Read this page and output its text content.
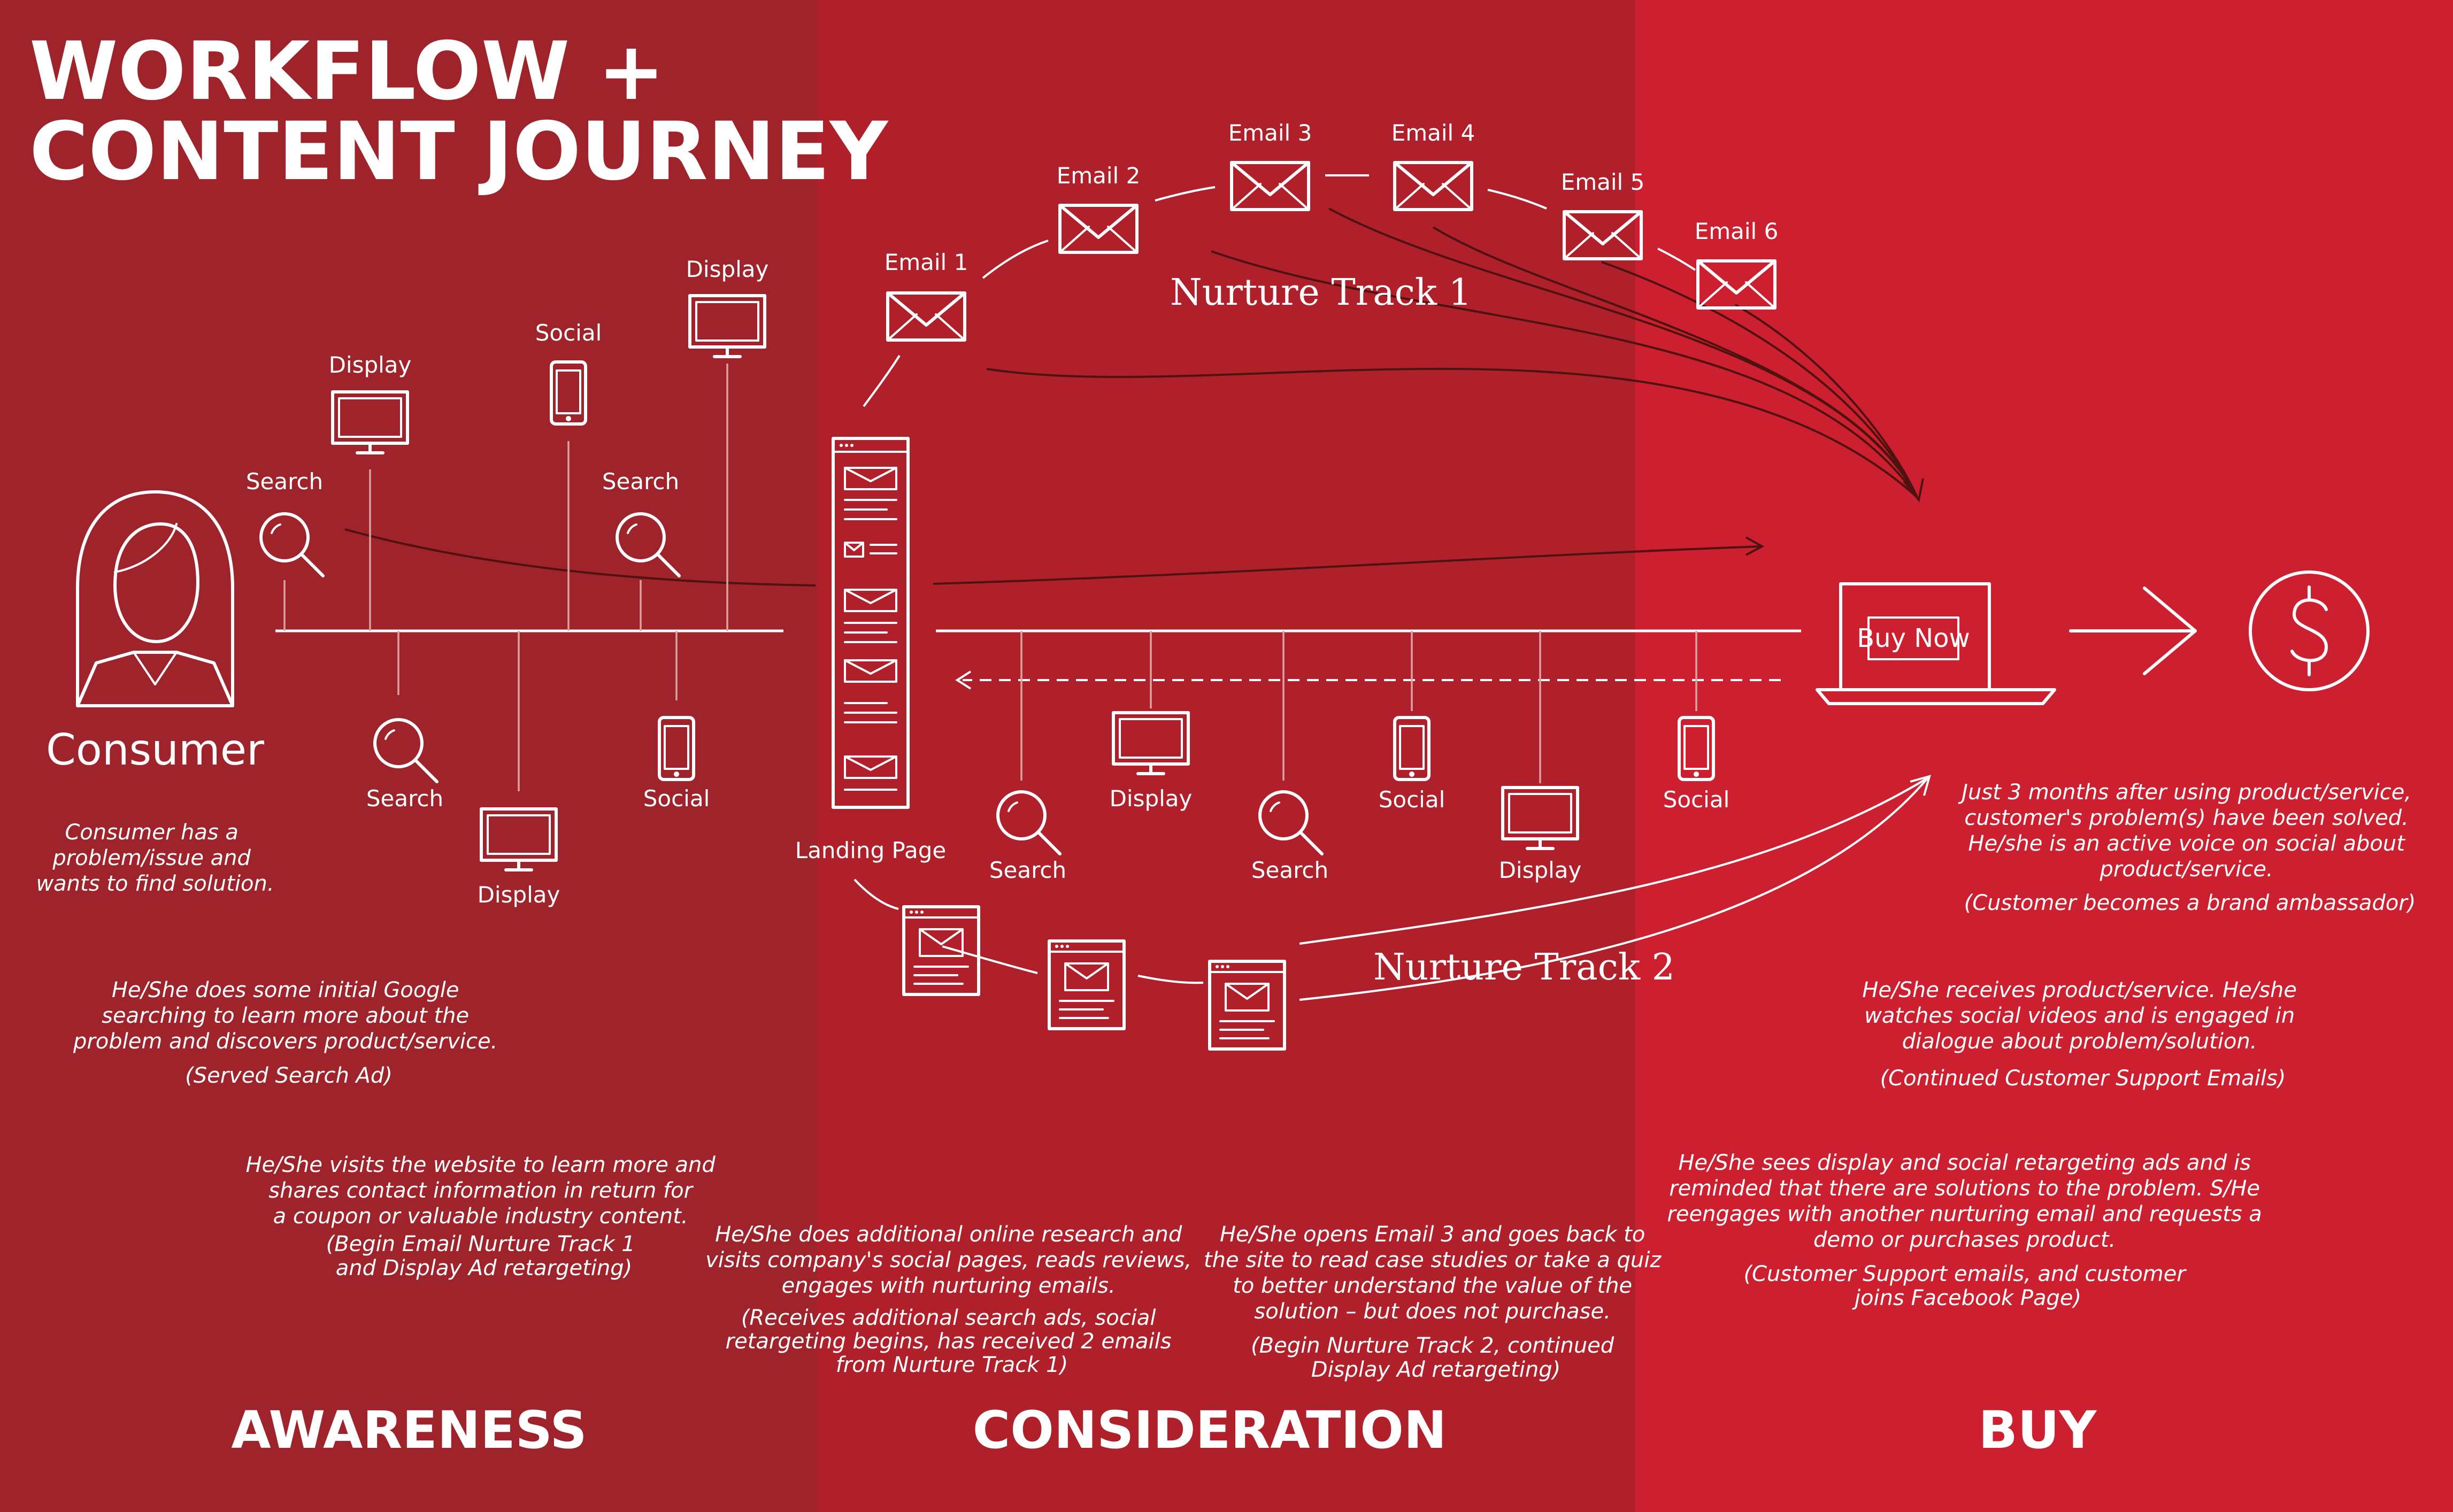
WORKFLOW +
CONTENT JOURNEY
Consumer
Search
Display
Social
Search
Display
Search
Display
Social
Landing Page
Email 1
Email 2
Email 3	Email 4
Email 5
Email 6
Nurture Track 1
Nurture Track 2
Search
Display
Search
Social
Display
Social
Buy Now
Consumer has a problem/issue and wants to find solution.
He/She does some initial Google searching to learn more about the problem and discovers product/service. (Served Search Ad)
He/She visits the website to learn more and shares contact information in return for a coupon or valuable industry content. (Begin Email Nurture Track 1 and Display Ad retargeting)
He/She does additional online research and visits company's social pages, reads reviews, engages with nurturing emails. (Receives additional search ads, social retargeting begins, has received 2 emails from Nurture Track 1)
He/She opens Email 3 and goes back to the site to read case studies or take a quiz to better understand the value of the solution – but does not purchase. (Begin Nurture Track 2, continued Display Ad retargeting)
Just 3 months after using product/service, customer's problem(s) have been solved. He/she is an active voice on social about product/service. (Customer becomes a brand ambassador)
He/She receives product/service. He/she watches social videos and is engaged in dialogue about problem/solution. (Continued Customer Support Emails)
He/She sees display and social retargeting ads and is reminded that there are solutions to the problem. S/He reengages with another nurturing email and requests a demo or purchases product. (Customer Support emails, and customer joins Facebook Page)
AWARENESS	CONSIDERATION	BUY
